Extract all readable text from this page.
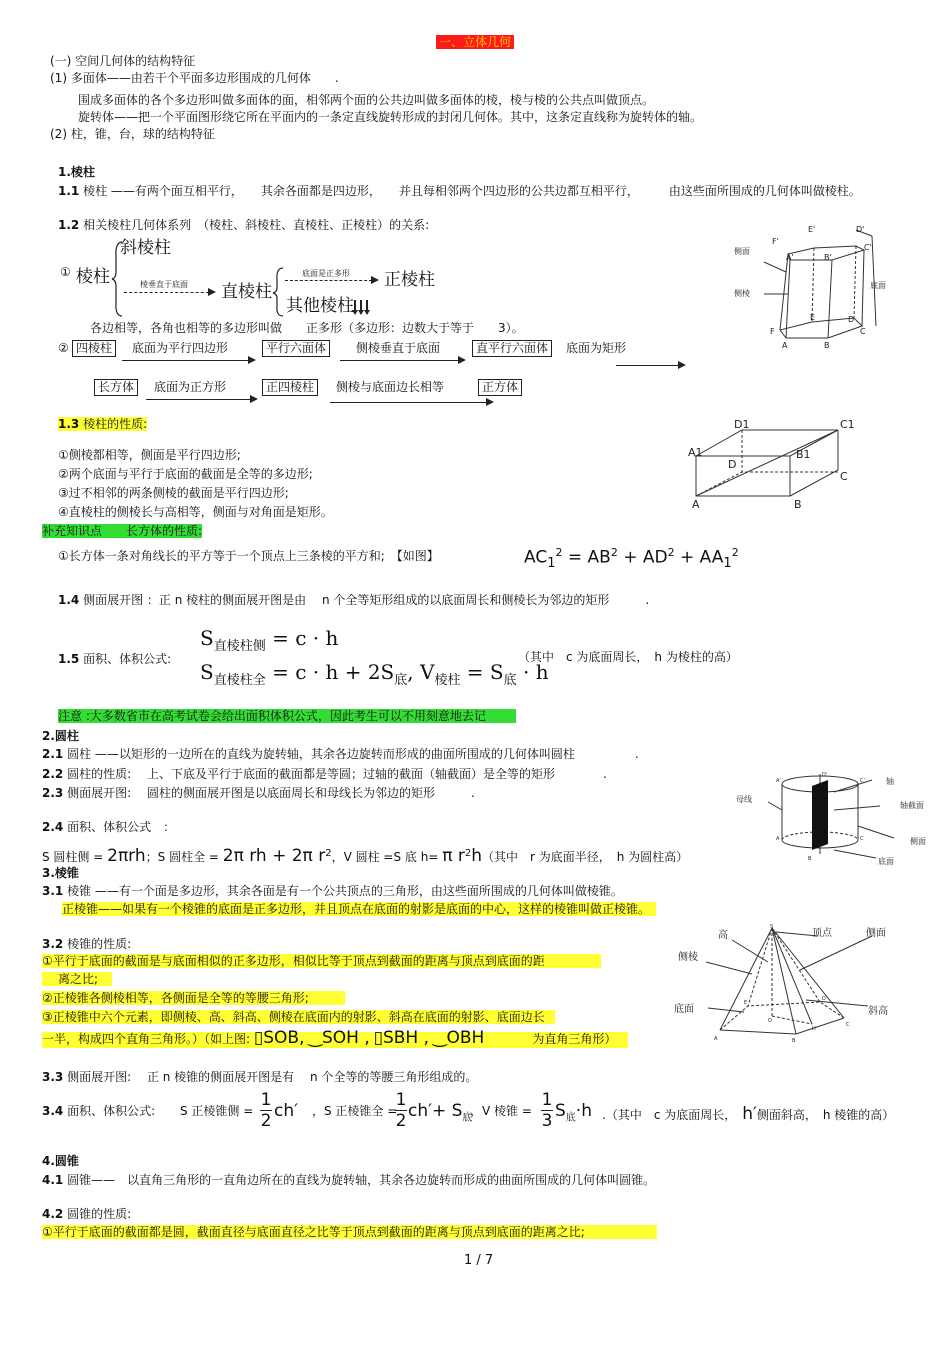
一、立体几何
(一) 空间几何体的结构特征
(1) 多面体——由若干个平面多边形围成的几何体　　.
围成多面体的各个多边形叫做多面体的面，相邻两个面的公共边叫做多面体的棱，棱与棱的公共点叫做顶点。
旋转体——把一个平面图形绕它所在平面内的一条定直线旋转形成的封闭几何体。其中，这条定直线称为旋转体的轴。
(2) 柱，锥，台，球的结构特征
1.棱柱
1.1 棱柱 ——有两个面互相平行，　　其余各面都是四边形，　　并且每相邻两个四边形的公共边都互相平行，　　　由这些面所围成的几何体叫做棱柱。
1.2 相关棱柱几何体系列　（棱柱、斜棱柱、直棱柱、正棱柱）的关系:
斜棱柱
① 棱柱	棱垂直于底面 直棱柱
底面是正多形 正棱柱
其他棱柱
各边相等，各角也相等的多边形叫做　　正多形（多边形：边数大于等于　　3）。
② 四棱柱	底面为平行四边形	平行六面体	侧棱垂直于底面	直平行六面体	底面为矩形
长方体	底面为正方形	正四棱柱	侧棱与底面边长相等	正方体
侧面
侧棱
底面
F'
A'	B'
C'
D'
E'
F
A	B
C
D
E
1.3 棱柱的性质:
①侧棱都相等，侧面是平行四边形;
②两个底面与平行于底面的截面是全等的多边形;
③过不相邻的两条侧棱的截面是平行四边形;
④直棱柱的侧棱长与高相等，侧面与对角面是矩形。
A1
D1	C1
B1
D
C
A	B
补充知识点　　长方体的性质:
①长方体一条对角线长的平方等于一个顶点上三条棱的平方和;　【如图】	$AC_1^2 = AB^2 + AD^2 + AA_1^2$
1.4 侧面展开图 ：正 n 棱柱的侧面展开图是由　 n 个全等矩形组成的以底面周长和侧棱长为邻边的矩形　　　.
1.5 面积、体积公式:
$S_{直棱柱侧} = c \cdot h$
$S_{直棱柱全} = c \cdot h + 2S_底$, $V_{棱柱} = S_底 \cdot h$
（其中　c 为底面周长，　h 为棱柱的高）
注意 :大多数省市在高考试卷会给出面积体积公式，因此考生可以不用刻意地去记
2.圆柱
2.1 圆柱 ——以矩形的一边所在的直线为旋转轴，其余各边旋转而形成的曲面所围成的几何体叫圆柱　　　　　.
2.2 圆柱的性质:　 上、下底及平行于底面的截面都是等圆；过轴的截面（轴截面）是全等的矩形　　　　.
2.3 侧面展开图:　 圆柱的侧面展开图是以底面周长和母线长为邻边的矩形　　　.
轴
轴截面
侧面
底面
母线
A'
D'
C'
A	C
B
2.4 面积、体积公式　：
S 圆柱侧 = 2πrh；S 圆柱全 = 2π rh + 2π $r^2$，V 圆柱 =S 底 h= π $r^2h$（其中　r 为底面半径，　h 为圆柱高）
3.棱锥
3.1 棱锥 ——有一个面是多边形，其余各面是有一个公共顶点的三角形，由这些面所围成的几何体叫做棱锥。
正棱锥——如果有一个棱锥的底面是正多边形，并且顶点在底面的射影是底面的中心，这样的棱锥叫做正棱锥。
3.2 棱锥的性质:
①平行于底面的截面是与底面相似的正多边形，相似比等于顶点到截面的距离与顶点到底面的距
离之比;
②正棱锥各侧棱相等，各侧面是全等的等腰三角形;
③正棱锥中六个元素，即侧棱、高、斜高、侧棱在底面内的射影、斜高在底面的射影、底面边长
一半，构成四个直角三角形。）（如上图: ▯SOB, ‿SOH , ▯SBH , ‿OBH　　　　	为直角三角形）
高	顶点	侧面
侧棱
底面	斜高
S
A	B
C
D
E
O
H
3.3 侧面展开图:　 正 n 棱锥的侧面展开图是有　 n 个全等的等腰三角形组成的。
3.4 面积、体积公式: S 正棱锥侧 =
1
2 ch′ ，S 正棱锥全 =
1
2 $ch'+ S_底$
，V 棱锥 =
1
3 $S_底\cdot h$ .（其中　c 为底面周长，　h′侧面斜高，　h 棱锥的高）
4.圆锥
4.1 圆锥——　以直角三角形的一直角边所在的直线为旋转轴，其余各边旋转而形成的曲面所围成的几何体叫圆锥。
4.2 圆锥的性质:
①平行于底面的截面都是圆，截面直径与底面直径之比等于顶点到截面的距离与顶点到底面的距离之比;
1 / 7
